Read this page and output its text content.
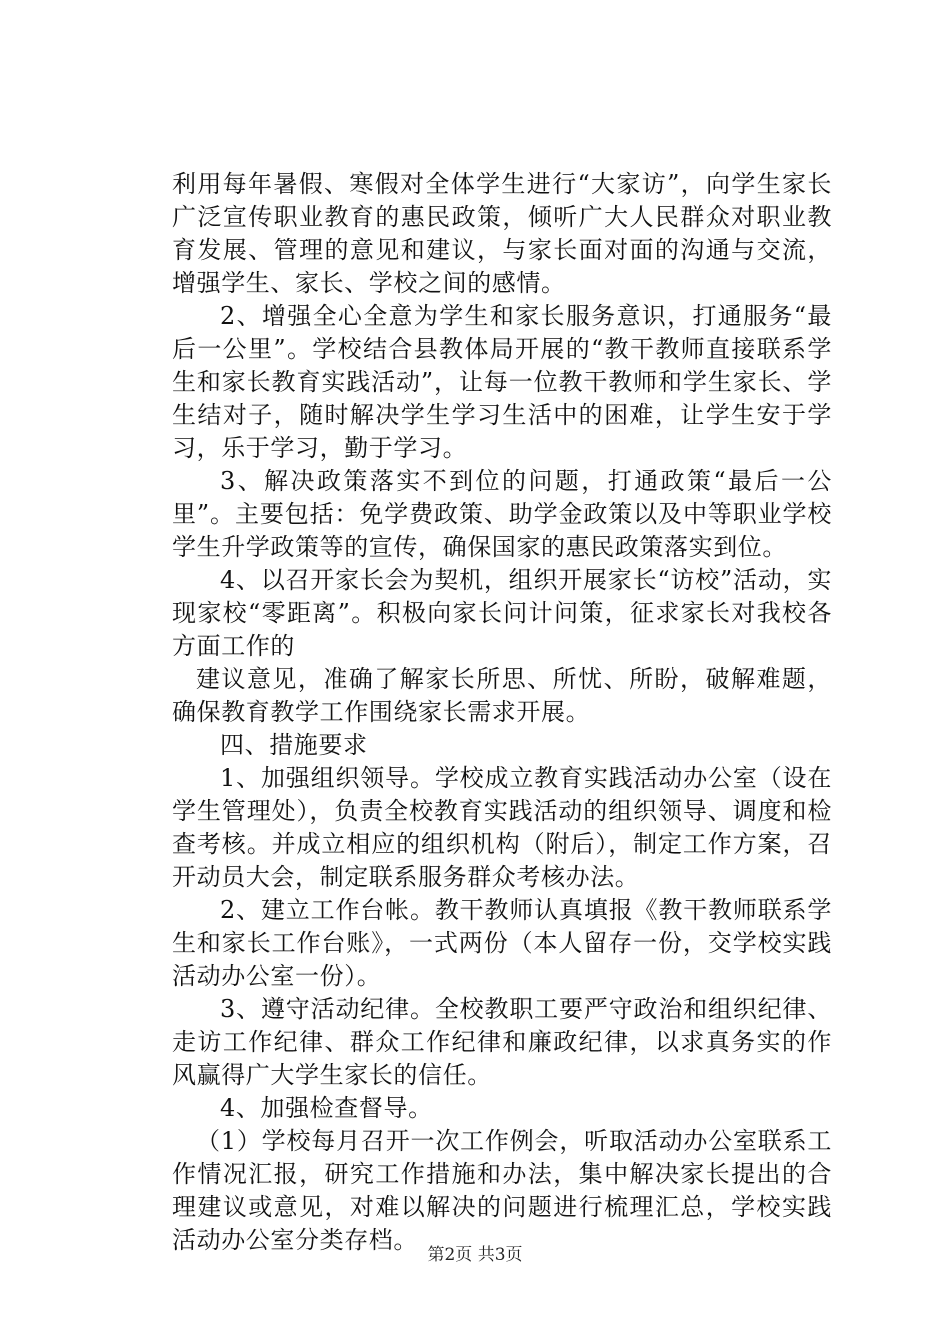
利用每年暑假、寒假对全体学生进行“大家访”，向学生家长广泛宣传职业教育的惠民政策，倾听广大人民群众对职业教育发展、管理的意见和建议，与家长面对面的沟通与交流，增强学生、家长、学校之间的感情。

2、增强全心全意为学生和家长服务意识，打通服务“最后一公里”。学校结合县教体局开展的“教干教师直接联系学生和家长教育实践活动”，让每一位教干教师和学生家长、学生结对子，随时解决学生学习生活中的困难，让学生安于学习，乐于学习，勤于学习。

3、解决政策落实不到位的问题，打通政策“最后一公里”。主要包括：免学费政策、助学金政策以及中等职业学校学生升学政策等的宣传，确保国家的惠民政策落实到位。

4、以召开家长会为契机，组织开展家长“访校”活动，实现家校“零距离”。积极向家长问计问策，征求家长对我校各方面工作的

建议意见，准确了解家长所思、所忧、所盼，破解难题，确保教育教学工作围绕家长需求开展。

四、措施要求

1、加强组织领导。学校成立教育实践活动办公室（设在学生管理处），负责全校教育实践活动的组织领导、调度和检查考核。并成立相应的组织机构（附后），制定工作方案，召开动员大会，制定联系服务群众考核办法。

2、建立工作台帐。教干教师认真填报《教干教师联系学生和家长工作台账》，一式两份（本人留存一份，交学校实践活动办公室一份）。

3、遵守活动纪律。全校教职工要严守政治和组织纪律、走访工作纪律、群众工作纪律和廉政纪律，以求真务实的作风赢得广大学生家长的信任。

4、加强检查督导。

（1）学校每月召开一次工作例会，听取活动办公室联系工作情况汇报，研究工作措施和办法，集中解决家长提出的合理建议或意见，对难以解决的问题进行梳理汇总，学校实践活动办公室分类存档。

第2页 共3页
